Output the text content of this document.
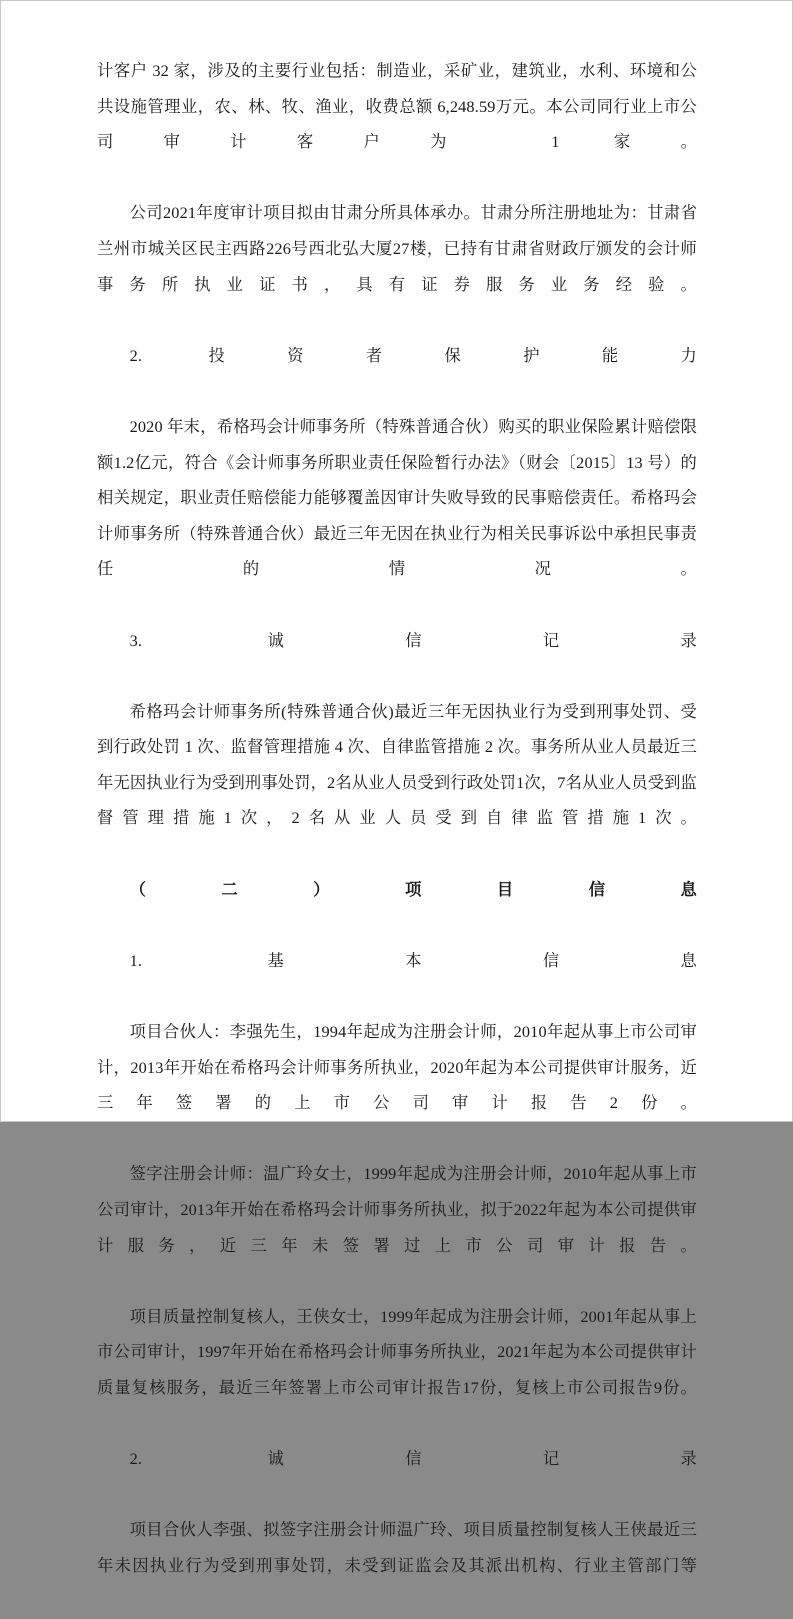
计客户 32 家，涉及的主要行业包括：制造业，采矿业，建筑业，水利、环境和公共设施管理业，农、林、牧、渔业，收费总额 6,248.59万元。本公司同行业上市公司审计客户为 1 家。

公司2021年度审计项目拟由甘肃分所具体承办。甘肃分所注册地址为：甘肃省兰州市城关区民主西路226号西北弘大厦27楼，已持有甘肃省财政厅颁发的会计师事务所执业证书，具有证券服务业务经验。

2. 投资者保护能力

2020 年末，希格玛会计师事务所（特殊普通合伙）购买的职业保险累计赔偿限额1.2亿元，符合《会计师事务所职业责任保险暂行办法》（财会〔2015〕13 号）的相关规定，职业责任赔偿能力能够覆盖因审计失败导致的民事赔偿责任。希格玛会计师事务所（特殊普通合伙）最近三年无因在执业行为相关民事诉讼中承担民事责任的情况。

3. 诚信记录

希格玛会计师事务所(特殊普通合伙)最近三年无因执业行为受到刑事处罚、受到行政处罚 1 次、监督管理措施 4 次、自律监管措施 2 次。事务所从业人员最近三年无因执业行为受到刑事处罚，2名从业人员受到行政处罚1次，7名从业人员受到监督管理措施1次，2名从业人员受到自律监管措施1次。

（二）项目信息

1. 基本信息

项目合伙人：李强先生，1994年起成为注册会计师，2010年起从事上市公司审计，2013年开始在希格玛会计师事务所执业，2020年起为本公司提供审计服务，近三年签署的上市公司审计报告2份。

签字注册会计师：温广玲女士，1999年起成为注册会计师，2010年起从事上市公司审计，2013年开始在希格玛会计师事务所执业，拟于2022年起为本公司提供审计服务，近三年未签署过上市公司审计报告。

项目质量控制复核人，王侠女士，1999年起成为注册会计师，2001年起从事上市公司审计，1997年开始在希格玛会计师事务所执业，2021年起为本公司提供审计质量复核服务，最近三年签署上市公司审计报告17份，复核上市公司报告9份。

2. 诚信记录

项目合伙人李强、拟签字注册会计师温广玲、项目质量控制复核人王侠最近三年未因执业行为受到刑事处罚，未受到证监会及其派出机构、行业主管部门等
